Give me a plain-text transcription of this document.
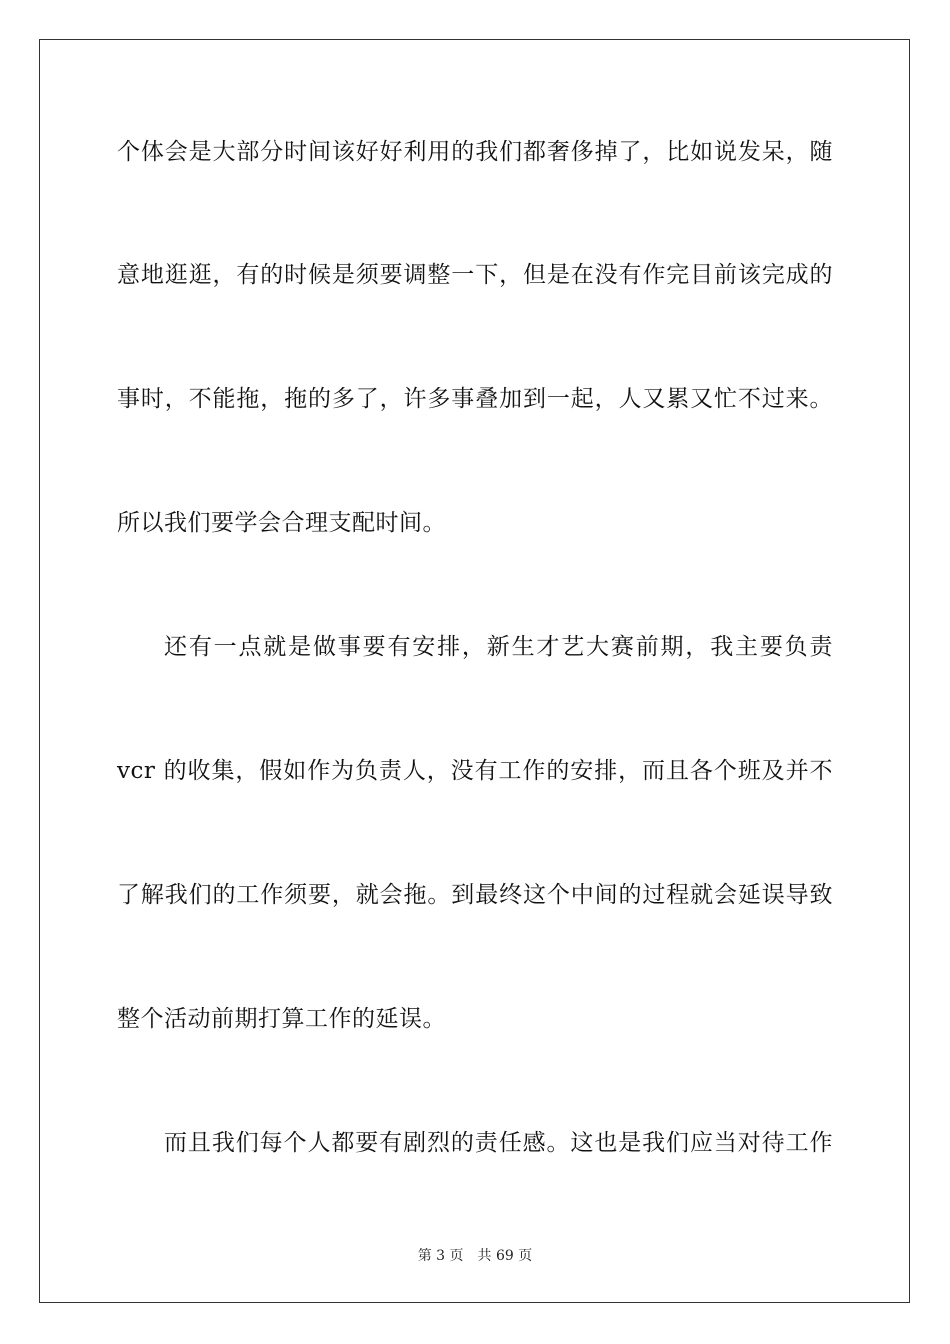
个体会是大部分时间该好好利用的我们都奢侈掉了，比如说发呆，随
意地逛逛，有的时候是须要调整一下，但是在没有作完目前该完成的
事时，不能拖，拖的多了，许多事叠加到一起，人又累又忙不过来。
所以我们要学会合理支配时间。
还有一点就是做事要有安排，新生才艺大赛前期，我主要负责
vcr 的收集，假如作为负责人，没有工作的安排，而且各个班及并不
了解我们的工作须要，就会拖。到最终这个中间的过程就会延误导致
整个活动前期打算工作的延误。
而且我们每个人都要有剧烈的责任感。这也是我们应当对待工作
第 3 页 共 69 页
